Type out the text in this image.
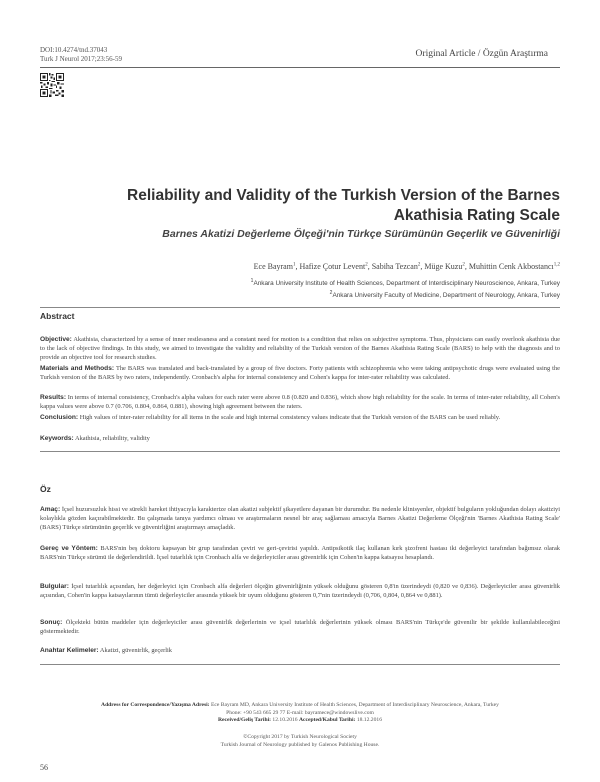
DOI:10.4274/tnd.37043
Turk J Neurol 2017;23:56-59	Original Article / Özgün Araştırma
Reliability and Validity of the Turkish Version of the Barnes Akathisia Rating Scale
Barnes Akatizi Değerleme Ölçeği'nin Türkçe Sürümünün Geçerlik ve Güvenirliği
Ece Bayram$^1$, Hafize Çotur Levent$^2$, Sabiha Tezcan$^2$, Müge Kuzu$^2$, Muhittin Cenk Akbostancı$^{1,2}$
$^1$Ankara University Institute of Health Sciences, Department of Interdisciplinary Neuroscience, Ankara, Turkey
$^2$Ankara University Faculty of Medicine, Department of Neurology, Ankara, Turkey
Abstract

Objective: Akathisia, characterized by a sense of inner restlessness and a constant need for motion is a condition that relies on subjective symptoms. Thus, physicians can easily overlook akathisia due to the lack of objective findings. In this study, we aimed to investigate the validity and reliability of the Turkish version of the Barnes Akathisia Rating Scale (BARS) to help with the diagnosis and to provide an objective tool for research studies.

Materials and Methods: The BARS was translated and back-translated by a group of five doctors. Forty patients with schizophrenia who were taking antipsychotic drugs were evaluated using the Turkish version of the BARS by two raters, independently. Cronbach's alpha for internal consistency and Cohen's kappa for inter-rater reliability was calculated.

Results: In terms of internal consistency, Cronbach's alpha values for each rater were above 0.8 (0.820 and 0.836), which show high reliability for the scale. In terms of inter-rater reliability, all Cohen's kappa values were above 0.7 (0.706, 0.804, 0.864, 0.881), showing high agreement between the raters.

Conclusion: High values of inter-rater reliability for all items in the scale and high internal consistency values indicate that the Turkish version of the BARS can be used reliably.

Keywords: Akathisia, reliability, validity

Öz

Amaç: İçsel huzursuzluk hissi ve sürekli hareket ihtiyacıyla karakterize olan akatizi subjektif şikayetlere dayanan bir durumdur. Bu nedenle klinisyenler, objektif bulguların yokluğundan dolayı akatiziyi kolaylıkla gözden kaçırabilmektedir. Bu çalışmada tanıya yardımcı olması ve araştırmaların nesnel bir araç sağlaması amacıyla Barnes Akatizi Değerleme Ölçeği'nin 'Barnes Akathisia Rating Scale' (BARS) Türkçe sürümünün geçerlik ve güvenirliğini araştırmayı amaçladık.

Gereç ve Yöntem: BARS'nin beş doktoru kapsayan bir grup tarafından çeviri ve geri-çevirisi yapıldı. Antipsikotik ilaç kullanan kırk şizofreni hastası iki değerleyici tarafından bağımsız olarak BARS'nin Türkçe sürümü ile değerlendirildi. İçsel tutarlılık için Cronbach alfa ve değerleyiciler arası güvenirlik için Cohen'in kappa katsayısı hesaplandı.

Bulgular: İçsel tutarlılık açısından, her değerleyici için Cronbach alfa değerleri ölçeğin güvenirliğinin yüksek olduğunu gösteren 0,8'in üzerindeydi (0,820 ve 0,836). Değerleyiciler arası güvenirlik açısından, Cohen'in kappa katsayılarının tümü değerleyiciler arasında yüksek bir uyum olduğunu gösteren 0,7'nin üzerindeydi (0,706, 0,804, 0,864 ve 0,881).

Sonuç: Ölçekteki bütün maddeler için değerleyiciler arası güvenirlik değerlerinin ve içsel tutarlılık değerlerinin yüksek olması BARS'nin Türkçe'de güvenilir bir şekilde kullanılabileceğini göstermektedir.

Anahtar Kelimeler: Akatizi, güvenirlik, geçerlik

Address for Correspondence/Yazışma Adresi: Ece Bayram MD, Ankara University Institute of Health Sciences, Department of Interdisciplinary Neuroscience, Ankara, Turkey
Phone: +90 543 665 29 77 E-mail: bayramece@windowslive.com
Received/Geliş Tarihi: 12.10.2016 Accepted/Kabul Tarihi: 18.12.2016
©Copyright 2017 by Turkish Neurological Society
Turkish Journal of Neurology published by Galenos Publishing House.
56
